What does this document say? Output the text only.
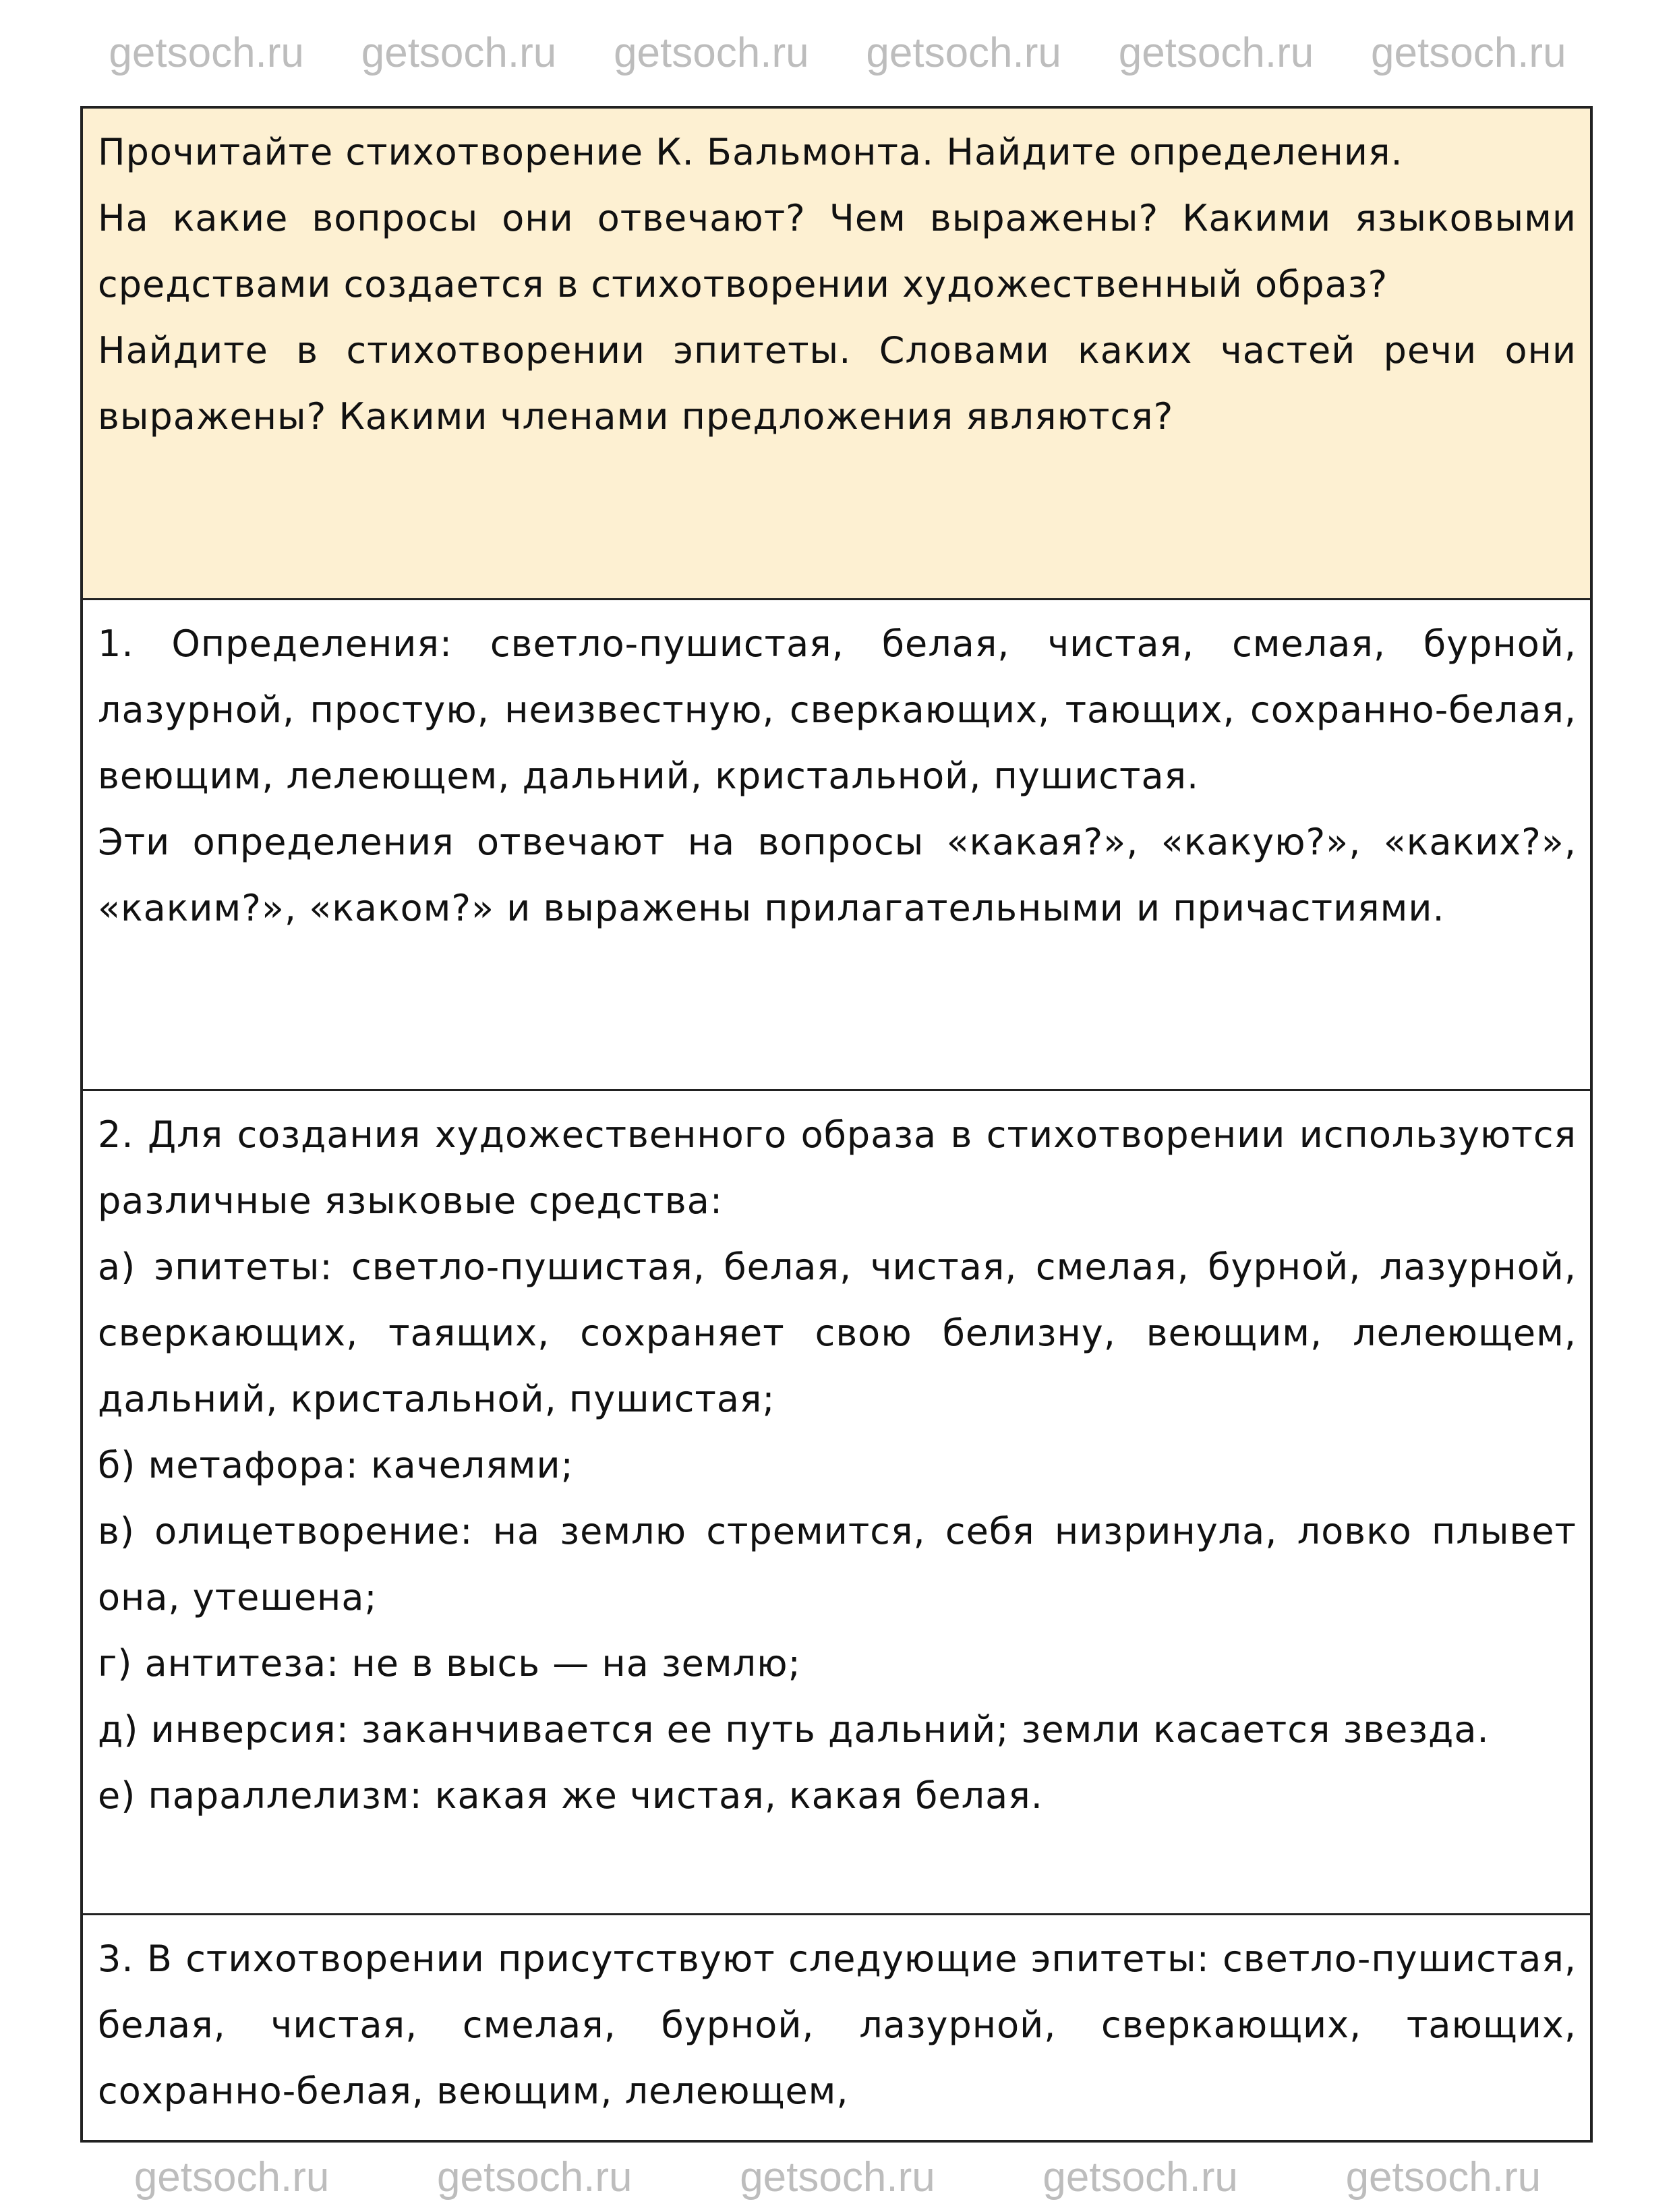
getsoch.ru getsoch.ru getsoch.ru getsoch.ru getsoch.ru getsoch.ru

Прочитайте стихотворение К. Бальмонта. Найдите определения.

На какие вопросы они отвечают? Чем выражены? Какими языковыми средствами создается в стихотворении художественный образ?

Найдите в стихотворении эпитеты. Словами каких частей речи они выражены? Какими членами предложения являются?

1. Определения: светло-пушистая, белая, чистая, смелая, бурной, лазурной, простую, неизвестную, сверкающих, тающих, сохранно-белая, веющим, лелеющем, дальний, кристальной, пушистая.

Эти определения отвечают на вопросы «какая?», «какую?», «каких?», «каким?», «каком?» и выражены прилагательными и причастиями.

2. Для создания художественного образа в стихотворении используются различные языковые средства:

а) эпитеты: светло-пушистая, белая, чистая, смелая, бурной, лазурной, сверкающих, таящих, сохраняет свою белизну, веющим, лелеющем, дальний, кристальной, пушистая;

б) метафора: качелями;

в) олицетворение: на землю стремится, себя низринула, ловко плывет она, утешена;

г) антитеза: не в высь — на землю;

д) инверсия: заканчивается ее путь дальний; земли касается звезда.

е) параллелизм: какая же чистая, какая белая.

3. В стихотворении присутствуют следующие эпитеты: светло-пушистая, белая, чистая, смелая, бурной, лазурной, сверкающих, тающих, сохранно-белая, веющим, лелеющем,

getsoch.ru	getsoch.ru	getsoch.ru	getsoch.ru	getsoch.ru
